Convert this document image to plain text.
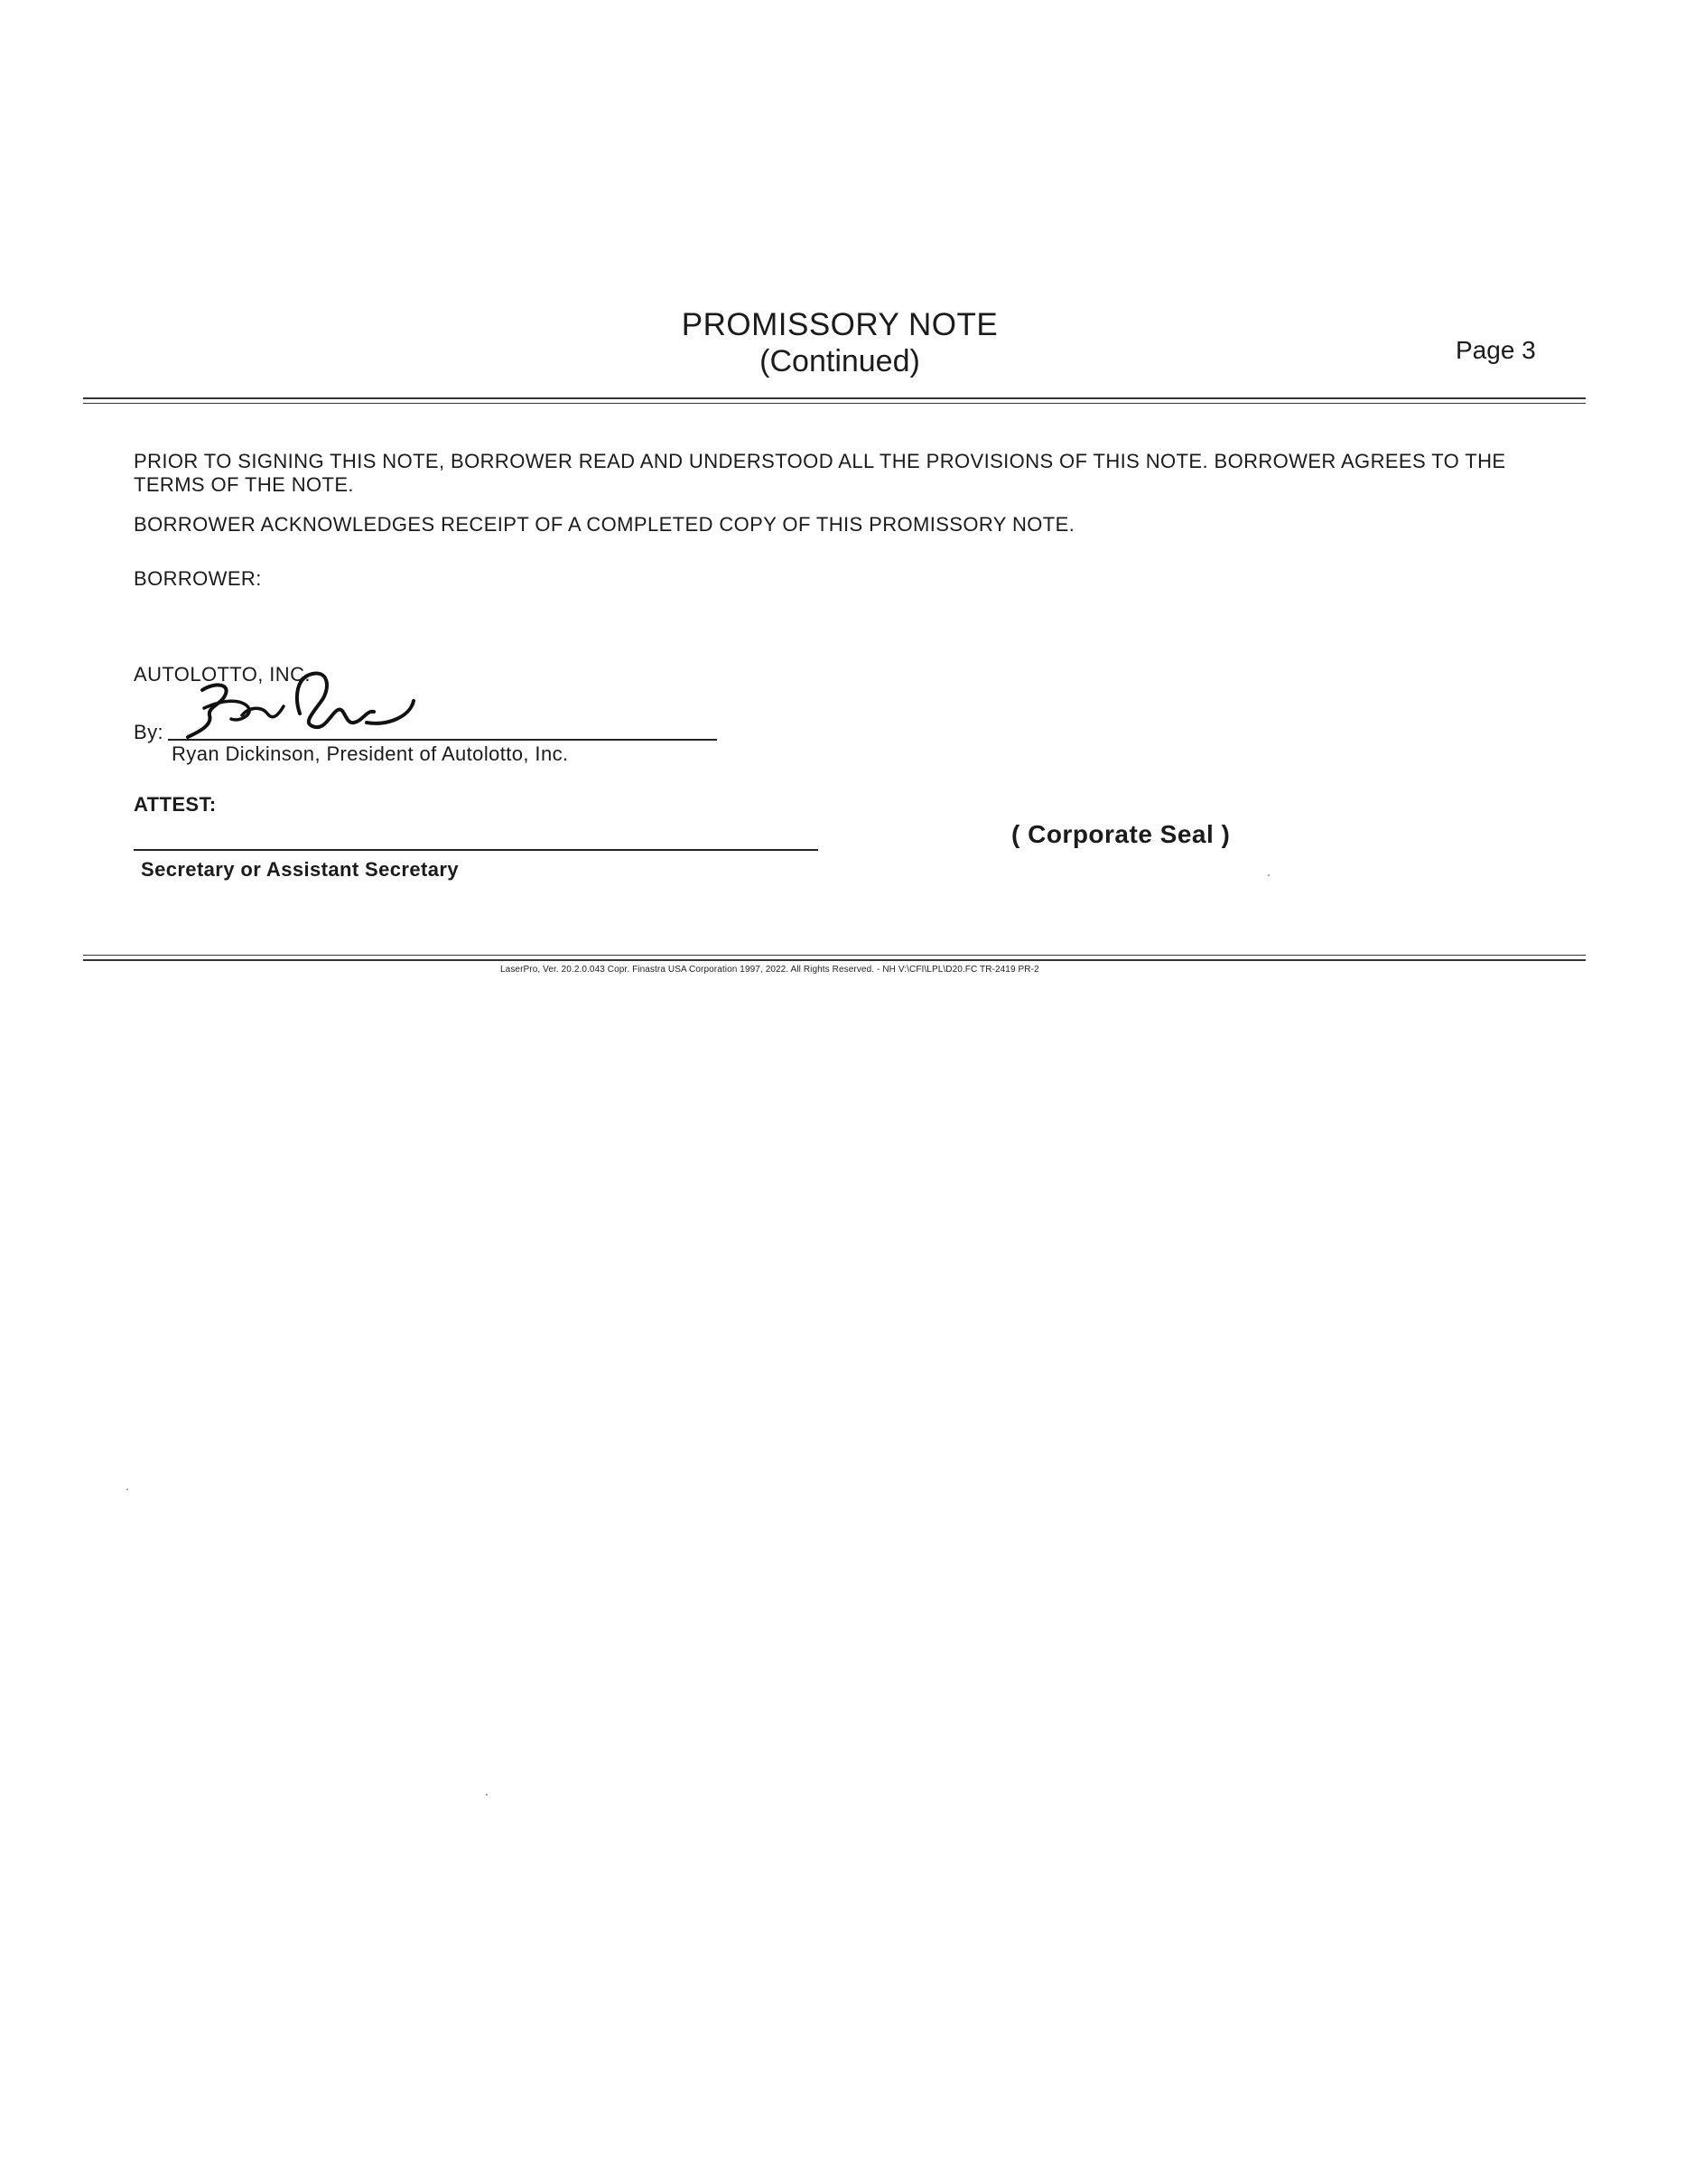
PROMISSORY NOTE
(Continued)	Page 3
PRIOR TO SIGNING THIS NOTE, BORROWER READ AND UNDERSTOOD ALL THE PROVISIONS OF THIS NOTE. BORROWER AGREES TO THE TERMS OF THE NOTE.
BORROWER ACKNOWLEDGES RECEIPT OF A COMPLETED COPY OF THIS PROMISSORY NOTE.
BORROWER:
AUTOLOTTO, INC.
By:
Ryan Dickinson, President of Autolotto, Inc.
ATTEST:
Secretary or Assistant Secretary
( Corporate Seal )
LaserPro, Ver. 20.2.0.043 Copr. Finastra USA Corporation 1997, 2022. All Rights Reserved. - NH V:\CFI\LPL\D20.FC TR-2419 PR-2
